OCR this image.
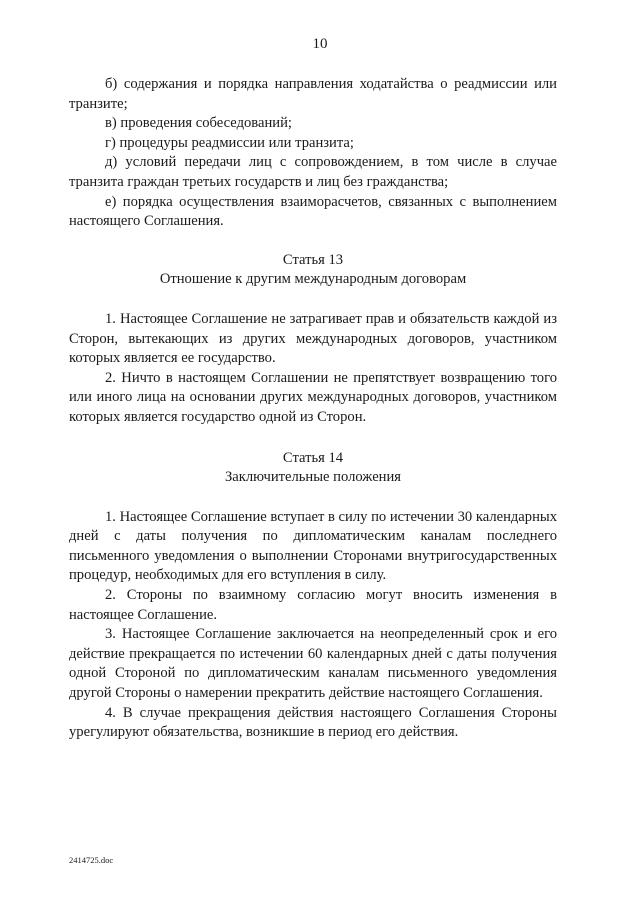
10

б) содержания и порядка направления ходатайства о реадмиссии или транзите;

в) проведения собеседований;

г) процедуры реадмиссии или транзита;

д) условий передачи лиц с сопровождением, в том числе в случае транзита граждан третьих государств и лиц без гражданства;

е) порядка осуществления взаиморасчетов, связанных с выполнением настоящего Соглашения.

Статья 13

Отношение к другим международным договорам

1. Настоящее Соглашение не затрагивает прав и обязательств каждой из Сторон, вытекающих из других международных договоров, участником которых является ее государство.

2. Ничто в настоящем Соглашении не препятствует возвращению того или иного лица на основании других международных договоров, участником которых является государство одной из Сторон.

Статья 14

Заключительные положения

1. Настоящее Соглашение вступает в силу по истечении 30 календарных дней с даты получения по дипломатическим каналам последнего письменного уведомления о выполнении Сторонами внутригосударственных процедур, необходимых для его вступления в силу.

2. Стороны по взаимному согласию могут вносить изменения в настоящее Соглашение.

3. Настоящее Соглашение заключается на неопределенный срок и его действие прекращается по истечении 60 календарных дней с даты получения одной Стороной по дипломатическим каналам письменного уведомления другой Стороны о намерении прекратить действие настоящего Соглашения.

4. В случае прекращения действия настоящего Соглашения Стороны урегулируют обязательства, возникшие в период его действия.

2414725.doc
